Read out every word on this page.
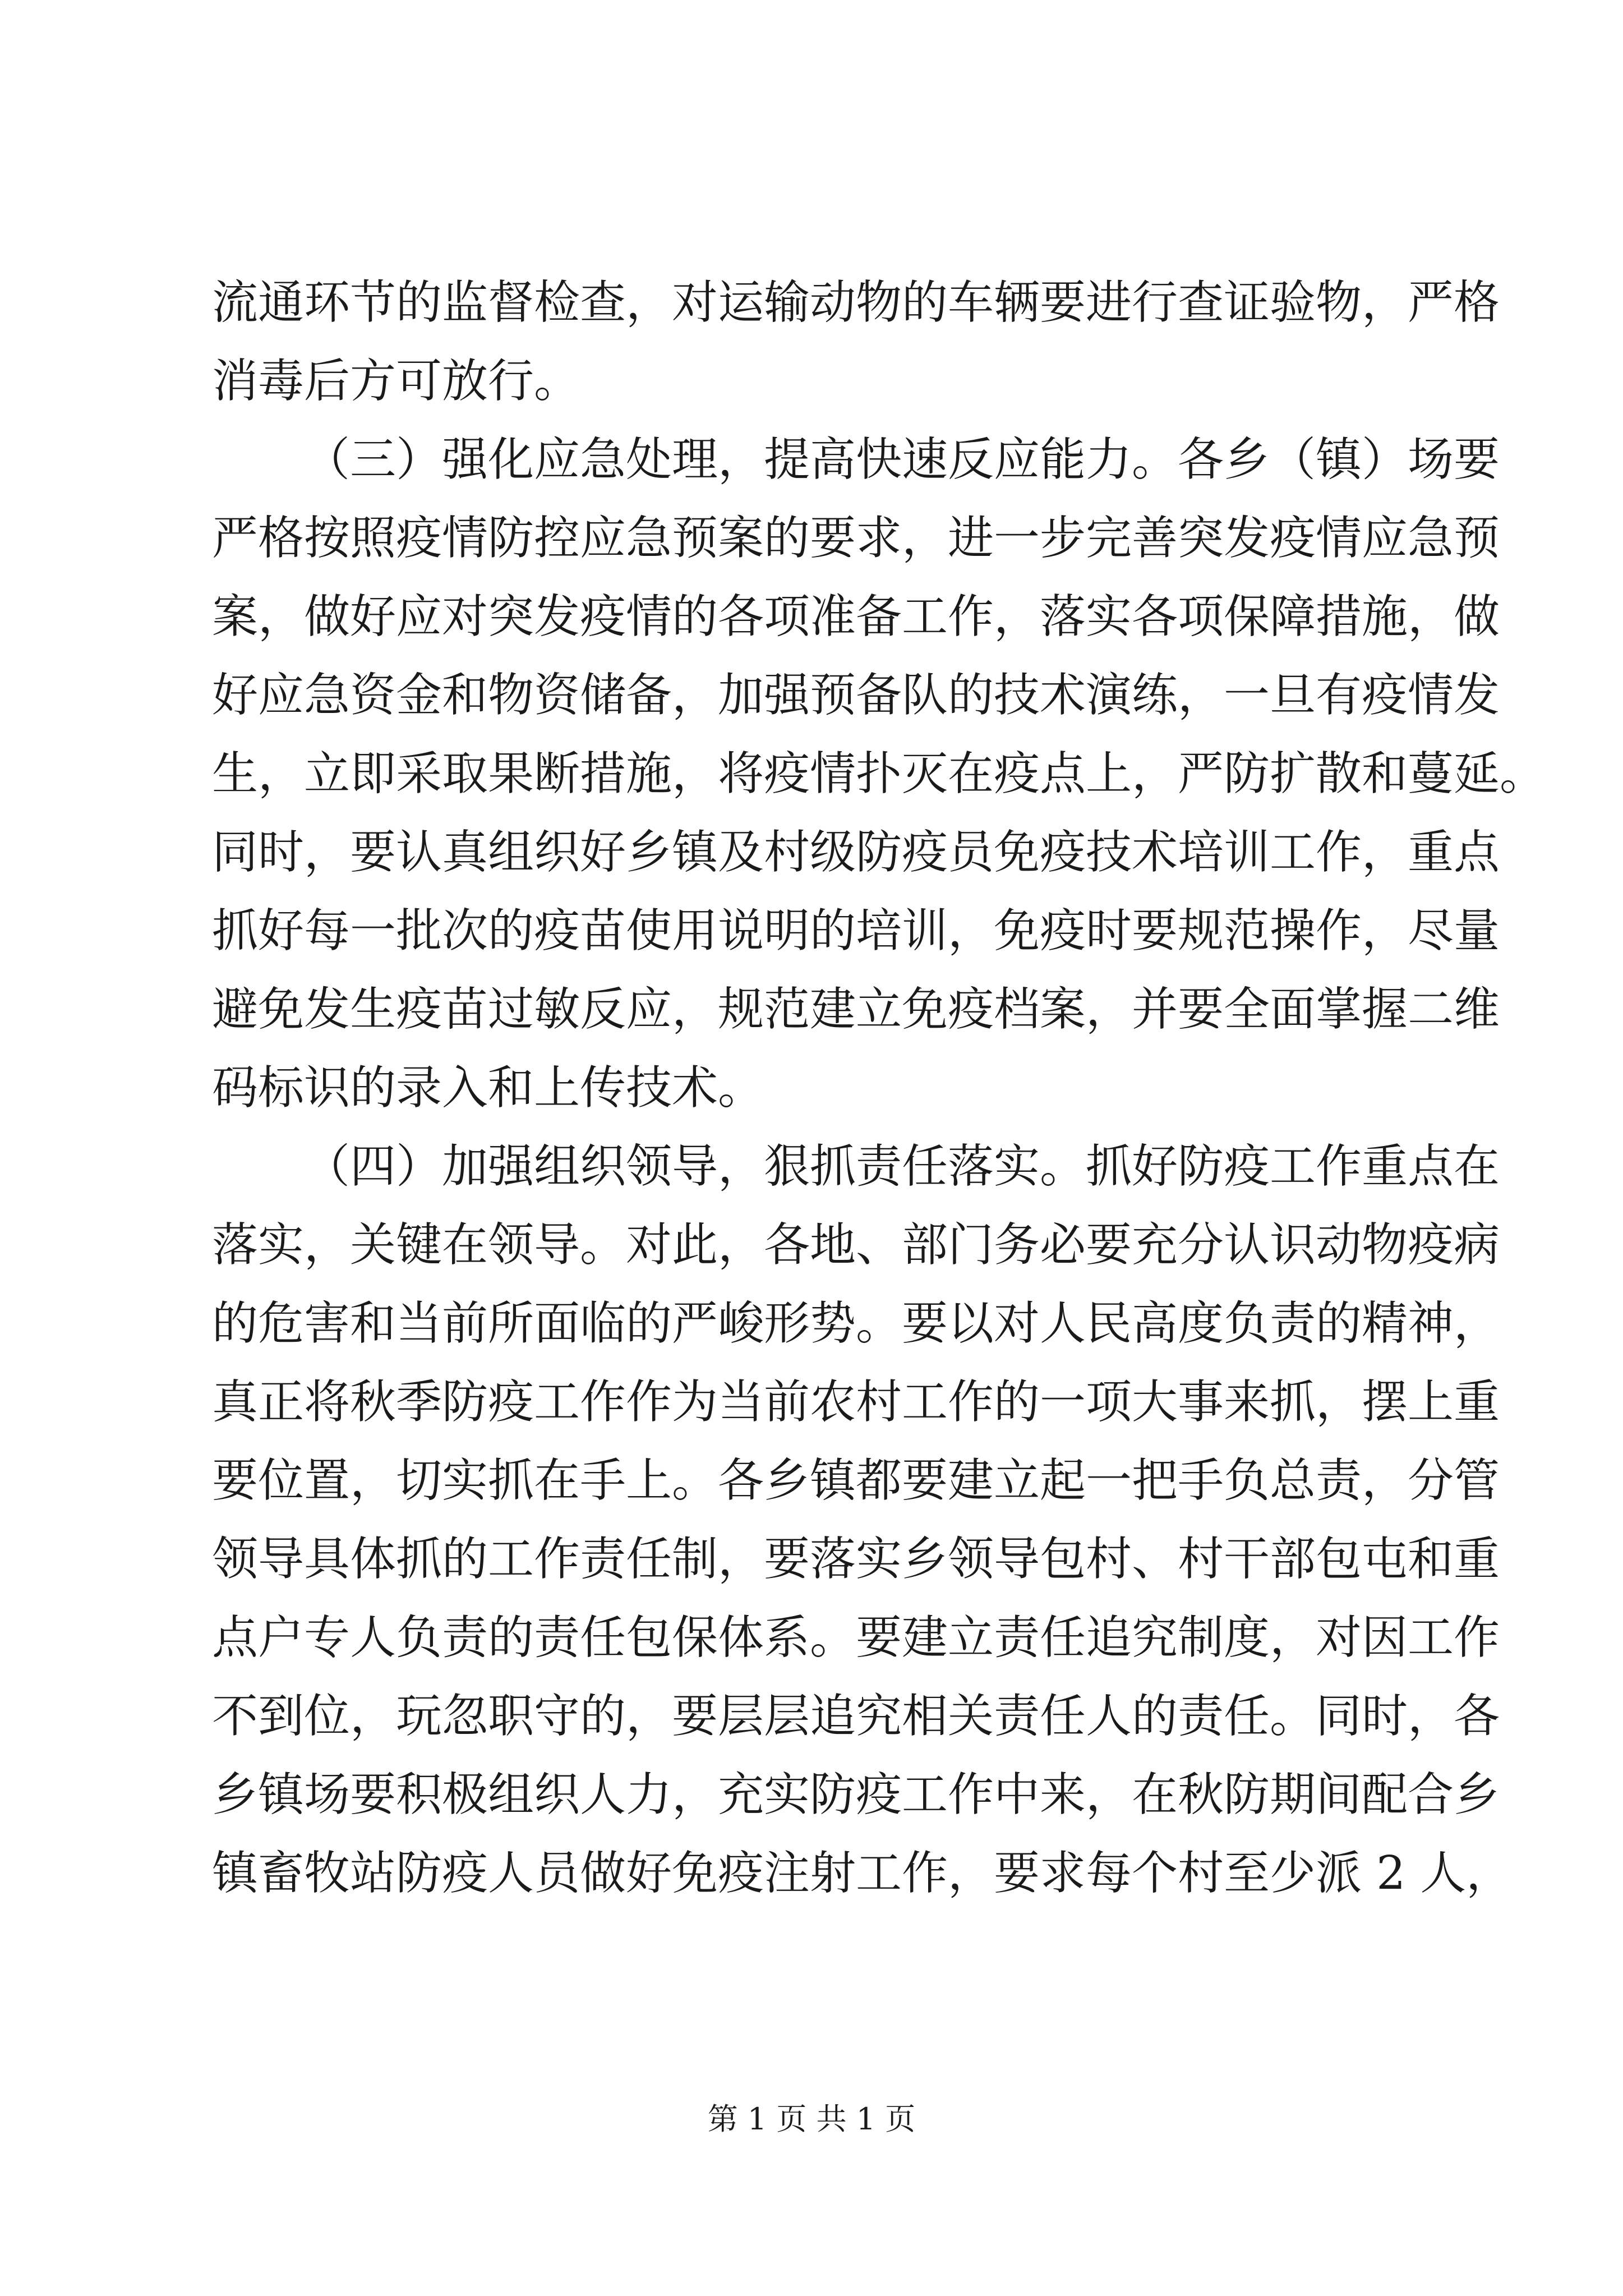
流通环节的监督检查，对运输动物的车辆要进行查证验物，严格
消毒后方可放行。
（三）强化应急处理，提高快速反应能力。各乡（镇）场要
严格按照疫情防控应急预案的要求，进一步完善突发疫情应急预
案，做好应对突发疫情的各项准备工作，落实各项保障措施，做
好应急资金和物资储备，加强预备队的技术演练，一旦有疫情发
生，立即采取果断措施，将疫情扑灭在疫点上，严防扩散和蔓延。
同时，要认真组织好乡镇及村级防疫员免疫技术培训工作，重点
抓好每一批次的疫苗使用说明的培训，免疫时要规范操作，尽量
避免发生疫苗过敏反应，规范建立免疫档案，并要全面掌握二维
码标识的录入和上传技术。
（四）加强组织领导，狠抓责任落实。抓好防疫工作重点在
落实，关键在领导。对此，各地、部门务必要充分认识动物疫病
的危害和当前所面临的严峻形势。要以对人民高度负责的精神，
真正将秋季防疫工作作为当前农村工作的一项大事来抓，摆上重
要位置，切实抓在手上。各乡镇都要建立起一把手负总责，分管
领导具体抓的工作责任制，要落实乡领导包村、村干部包屯和重
点户专人负责的责任包保体系。要建立责任追究制度，对因工作
不到位，玩忽职守的，要层层追究相关责任人的责任。同时，各
乡镇场要积极组织人力，充实防疫工作中来，在秋防期间配合乡
镇畜牧站防疫人员做好免疫注射工作，要求每个村至少派 2 人，
第 1 页 共 1 页
